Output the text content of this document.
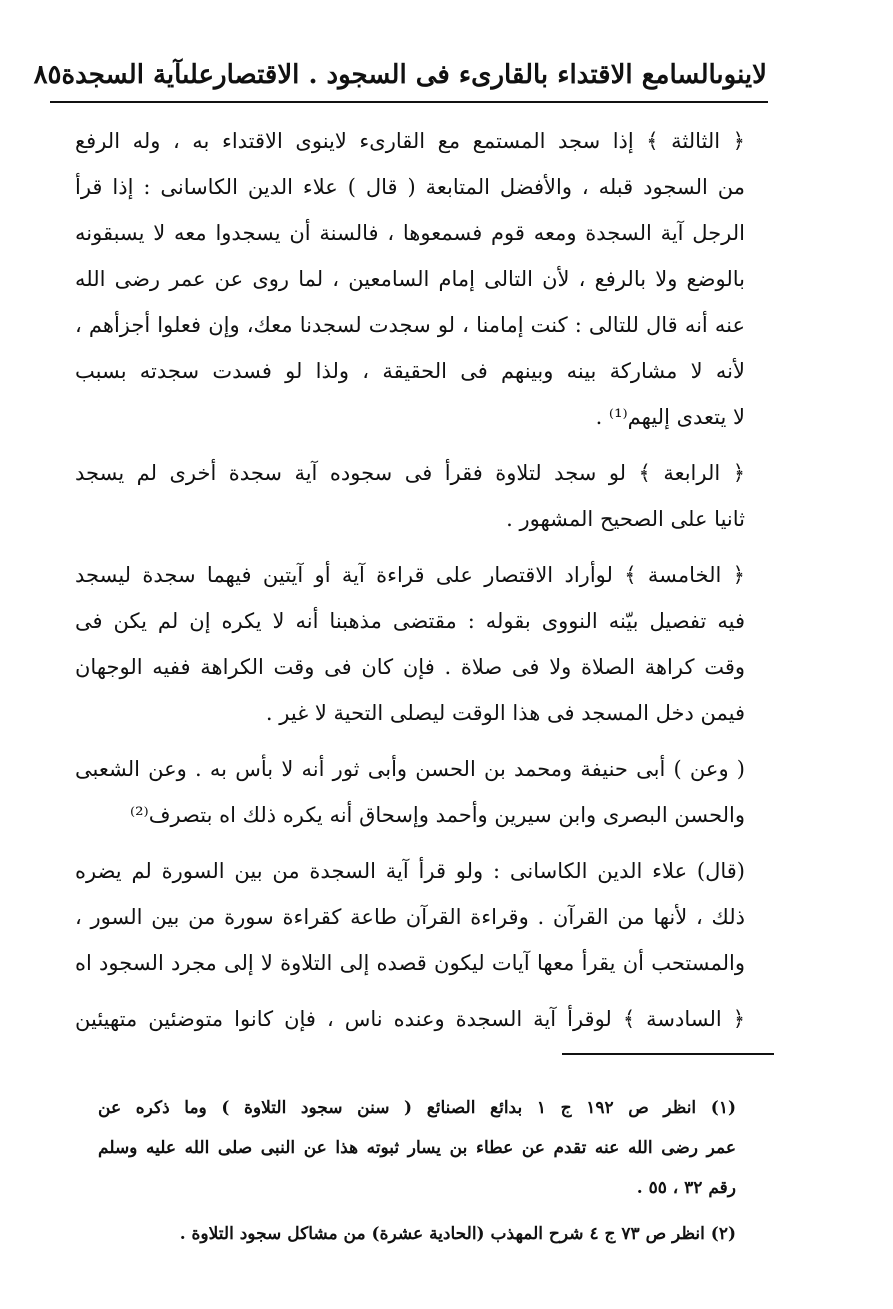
لاينوىالسامع الاقتداء بالقارىء فى السجود . الاقتصارعلىآية السجدة
٨٥
﴿ الثالثة ﴾ إذا سجد المستمع مع القارىء لاينوى الاقتداء به ، وله الرفع
من السجود قبله ، والأفضل المتابعة ( قال ) علاء الدين الكاسانى : إذا قرأ
الرجل آية السجدة ومعه قوم فسمعوها ، فالسنة أن يسجدوا معه لا يسبقونه
بالوضع ولا بالرفع ، لأن التالى إمام السامعين ، لما روى عن عمر رضى الله
عنه أنه قال للتالى : كنت إمامنا ، لو سجدت لسجدنا معك، وإن فعلوا أجزأهم ،
لأنه لا مشاركة بينه وبينهم فى الحقيقة ، ولذا لو فسدت سجدته بسبب
لا يتعدى إليهم⁽¹⁾ .
﴿ الرابعة ﴾ لو سجد لتلاوة فقرأ فى سجوده آية سجدة أخرى لم يسجد
ثانيا على الصحيح المشهور .
﴿ الخامسة ﴾ لوأراد الاقتصار على قراءة آية أو آيتين فيهما سجدة ليسجد
فيه تفصيل بيّنه النووى بقوله : مقتضى مذهبنا أنه لا يكره إن لم يكن فى
وقت كراهة الصلاة ولا فى صلاة . فإن كان فى وقت الكراهة ففيه الوجهان
فيمن دخل المسجد فى هذا الوقت ليصلى التحية لا غير .
( وعن ) أبى حنيفة ومحمد بن الحسن وأبى ثور أنه لا بأس به . وعن الشعبى
والحسن البصرى وابن سيرين وأحمد وإسحاق أنه يكره ذلك اه بتصرف⁽²⁾
(قال) علاء الدين الكاسانى : ولو قرأ آية السجدة من بين السورة لم يضره
ذلك ، لأنها من القرآن . وقراءة القرآن طاعة كقراءة سورة من بين السور ،
والمستحب أن يقرأ معها آيات ليكون قصده إلى التلاوة لا إلى مجرد السجود اه
﴿ السادسة ﴾ لوقرأ آية السجدة وعنده ناس ، فإن كانوا متوضئين متهيئين
(١) انظر ص ١٩٢ ج ١ بدائع الصنائع ( سنن سجود التلاوة ) وما ذكره عن
عمر رضى الله عنه تقدم عن عطاء بن يسار ثبوته هذا عن النبى صلى الله عليه وسلم
رقم ٣٢ ، ٥٥ .
(٢) انظر ص ٧٣ ج ٤ شرح المهذب (الحادية عشرة) من مشاكل سجود التلاوة .
